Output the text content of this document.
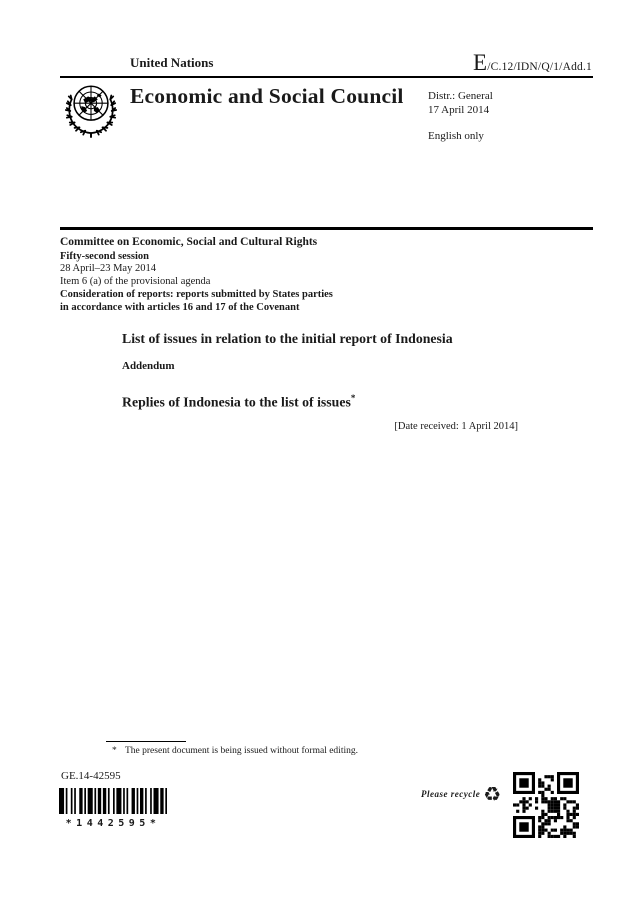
United Nations	E/C.12/IDN/Q/1/Add.1
Economic and Social Council Distr.: General
17 April 2014
English only
Committee on Economic, Social and Cultural Rights
Fifty-second session
28 April–23 May 2014
Item 6 (a) of the provisional agenda
Consideration of reports: reports submitted by States parties
in accordance with articles 16 and 17 of the Covenant
List of issues in relation to the initial report of Indonesia
Addendum
Replies of Indonesia to the list of issues*
[Date received: 1 April 2014]
* The present document is being issued without formal editing.
GE.14-42595
*1442595*
Please recycle ♻
